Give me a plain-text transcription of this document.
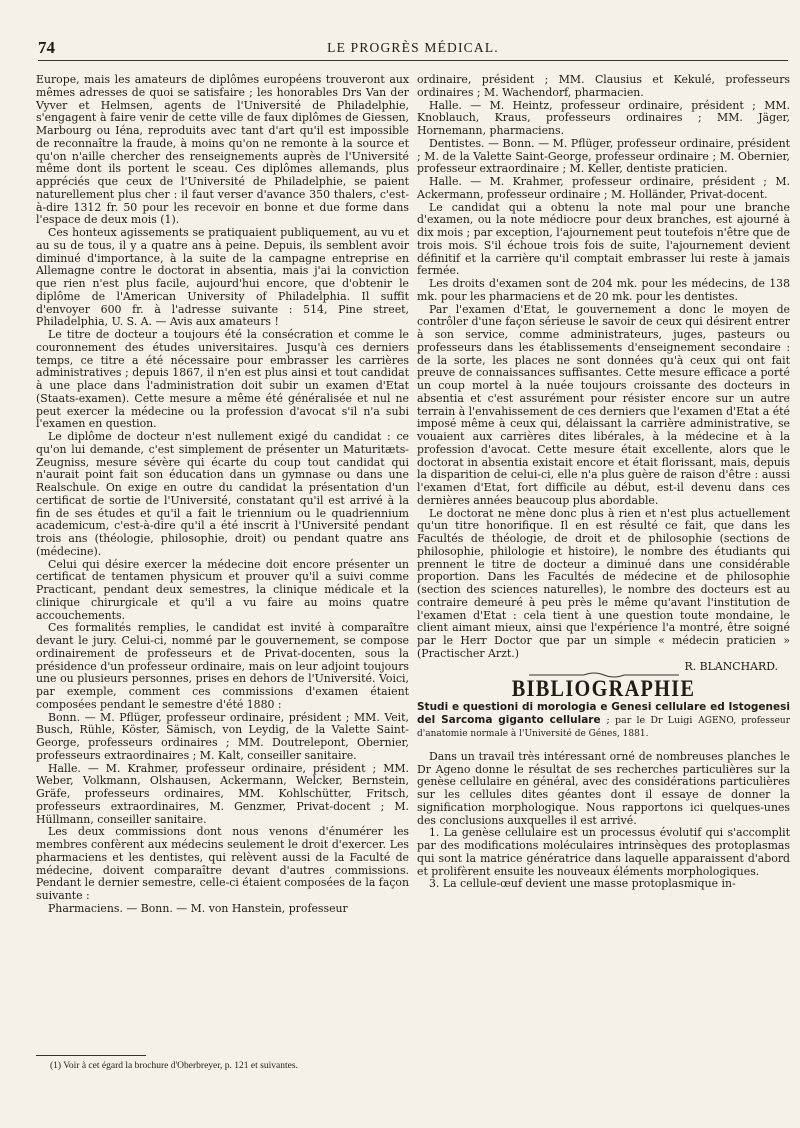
74	LE PROGRÈS MÉDICAL.

Europe, mais les amateurs de diplômes européens trouveront aux mêmes adresses de quoi se satisfaire ; les honorables Drs Van der Vyver et Helmsen, agents de l'Université de Philadelphie, s'engagent à faire venir de cette ville de faux diplômes de Giessen, Marbourg ou Iéna, reproduits avec tant d'art qu'il est impossible de reconnaître la fraude, à moins qu'on ne remonte à la source et qu'on n'aille chercher des renseignements auprès de l'Université même dont ils portent le sceau. Ces diplômes allemands, plus appréciés que ceux de l'Université de Philadelphie, se paient naturellement plus cher : il faut verser d'avance 350 thalers, c'est-à-dire 1312 fr. 50 pour les recevoir en bonne et due forme dans l'espace de deux mois (1).

Ces honteux agissements se pratiquaient publiquement, au vu et au su de tous, il y a quatre ans à peine. Depuis, ils semblent avoir diminué d'importance, à la suite de la campagne entreprise en Allemagne contre le doctorat in absentia, mais j'ai la conviction que rien n'est plus facile, aujourd'hui encore, que d'obtenir le diplôme de l'American University of Philadelphia. Il suffit d'envoyer 600 fr. à l'adresse suivante : 514, Pine street, Philadelphia, U. S. A. — Avis aux amateurs !

Le titre de docteur a toujours été la consécration et comme le couronnement des études universitaires. Jusqu'à ces derniers temps, ce titre a été nécessaire pour embrasser les carrières administratives ; depuis 1867, il n'en est plus ainsi et tout candidat à une place dans l'administration doit subir un examen d'Etat (Staats-examen). Cette mesure a même été généralisée et nul ne peut exercer la médecine ou la profession d'avocat s'il n'a subi l'examen en question.

Le diplôme de docteur n'est nullement exigé du candidat : ce qu'on lui demande, c'est simplement de présenter un Maturitæts-Zeugniss, mesure sévère qui écarte du coup tout candidat qui n'aurait point fait son éducation dans un gymnase ou dans une Realschule. On exige en outre du candidat la présentation d'un certificat de sortie de l'Université, constatant qu'il est arrivé à la fin de ses études et qu'il a fait le triennium ou le quadriennium academicum, c'est-à-dire qu'il a été inscrit à l'Université pendant trois ans (théologie, philosophie, droit) ou pendant quatre ans (médecine).

Celui qui désire exercer la médecine doit encore présenter un certificat de tentamen physicum et prouver qu'il a suivi comme Practicant, pendant deux semestres, la clinique médicale et la clinique chirurgicale et qu'il a vu faire au moins quatre accouchements.

Ces formalités remplies, le candidat est invité à comparaître devant le jury. Celui-ci, nommé par le gouvernement, se compose ordinairement de professeurs et de Privat-docenten, sous la présidence d'un professeur ordinaire, mais on leur adjoint toujours une ou plusieurs personnes, prises en dehors de l'Université. Voici, par exemple, comment ces commissions d'examen étaient composées pendant le semestre d'été 1880 :

Bonn. — M. Pflüger, professeur ordinaire, président ; MM. Veit, Busch, Rühle, Köster, Sämisch, von Leydig, de la Valette Saint-George, professeurs ordinaires ; MM. Doutrelepont, Obernier, professeurs extraordinaires ; M. Kalt, conseiller sanitaire.

Halle. — M. Krahmer, professeur ordinaire, président ; MM. Weber, Volkmann, Olshausen, Ackermann, Welcker, Bernstein, Gräfe, professeurs ordinaires, MM. Kohlschütter, Fritsch, professeurs extraordinaires, M. Genzmer, Privat-docent ; M. Hüllmann, conseiller sanitaire.

Les deux commissions dont nous venons d'énumérer les membres confèrent aux médecins seulement le droit d'exercer. Les pharmaciens et les dentistes, qui relèvent aussi de la Faculté de médecine, doivent comparaître devant d'autres commissions. Pendant le dernier semestre, celle-ci étaient composées de la façon suivante :

Pharmaciens. — Bonn. — M. von Hanstein, professeur

(1) Voir à cet égard la brochure d'Oberbreyer, p. 121 et suivantes.

ordinaire, président ; MM. Clausius et Kekulé, professeurs ordinaires ; M. Wachendorf, pharmacien.

Halle. — M. Heintz, professeur ordinaire, président ; MM. Knoblauch, Kraus, professeurs ordinaires ; MM. Jäger, Hornemann, pharmaciens.

Dentistes. — Bonn. — M. Pflüger, professeur ordinaire, président ; M. de la Valette Saint-George, professeur ordinaire ; M. Obernier, professeur extraordinaire ; M. Keller, dentiste praticien.

Halle. — M. Krahmer, professeur ordinaire, président ; M. Ackermann, professeur ordinaire ; M. Holländer, Privat-docent.

Le candidat qui a obtenu la note mal pour une branche d'examen, ou la note médiocre pour deux branches, est ajourné à dix mois ; par exception, l'ajournement peut toutefois n'être que de trois mois. S'il échoue trois fois de suite, l'ajournement devient définitif et la carrière qu'il comptait embrasser lui reste à jamais fermée.

Les droits d'examen sont de 204 mk. pour les médecins, de 138 mk. pour les pharmaciens et de 20 mk. pour les dentistes.

Par l'examen d'Etat, le gouvernement a donc le moyen de contrôler d'une façon sérieuse le savoir de ceux qui désirent entrer à son service, comme administrateurs, juges, pasteurs ou professeurs dans les établissements d'enseignement secondaire : de la sorte, les places ne sont données qu'à ceux qui ont fait preuve de connaissances suffisantes. Cette mesure efficace a porté un coup mortel à la nuée toujours croissante des docteurs in absentia et c'est assurément pour résister encore sur un autre terrain à l'envahissement de ces derniers que l'examen d'Etat a été imposé même à ceux qui, délaissant la carrière administrative, se vouaient aux carrières dites libérales, à la médecine et à la profession d'avocat. Cette mesure était excellente, alors que le doctorat in absentia existait encore et était florissant, mais, depuis la disparition de celui-ci, elle n'a plus guère de raison d'être : aussi l'examen d'Etat, fort difficile au début, est-il devenu dans ces dernières années beaucoup plus abordable.

Le doctorat ne mène donc plus à rien et n'est plus actuellement qu'un titre honorifique. Il en est résulté ce fait, que dans les Facultés de théologie, de droit et de philosophie (sections de philosophie, philologie et histoire), le nombre des étudiants qui prennent le titre de docteur a diminué dans une considérable proportion. Dans les Facultés de médecine et de philosophie (section des sciences naturelles), le nombre des docteurs est au contraire demeuré à peu près le même qu'avant l'institution de l'examen d'Etat : cela tient à une question toute mondaine, le client aimant mieux, ainsi que l'expérience l'a montré, être soigné par le Herr Doctor que par un simple « médecin praticien » (Practischer Arzt.)

R. BLANCHARD.
BIBLIOGRAPHIE

Studi e questioni di morologia e Genesi cellulare ed Istogenesi del Sarcoma giganto cellulare ; par le Dr Luigi AGENO, professeur d'anatomie normale à l'Université de Génes, 1881.

Dans un travail très intéressant orné de nombreuses planches le Dr Ageno donne le résultat de ses recherches particulières sur la genèse cellulaire en général, avec des considérations particulières sur les cellules dites géantes dont il essaye de donner la signification morphologique. Nous rapportons ici quelques-unes des conclusions auxquelles il est arrivé.

1. La genèse cellulaire est un processus évolutif qui s'accomplit par des modifications moléculaires intrinsèques des protoplasmas qui sont la matrice génératrice dans laquelle apparaissent d'abord et prolifèrent ensuite les nouveaux éléments morphologiques.

3. La cellule-œuf devient une masse protoplasmique in-
